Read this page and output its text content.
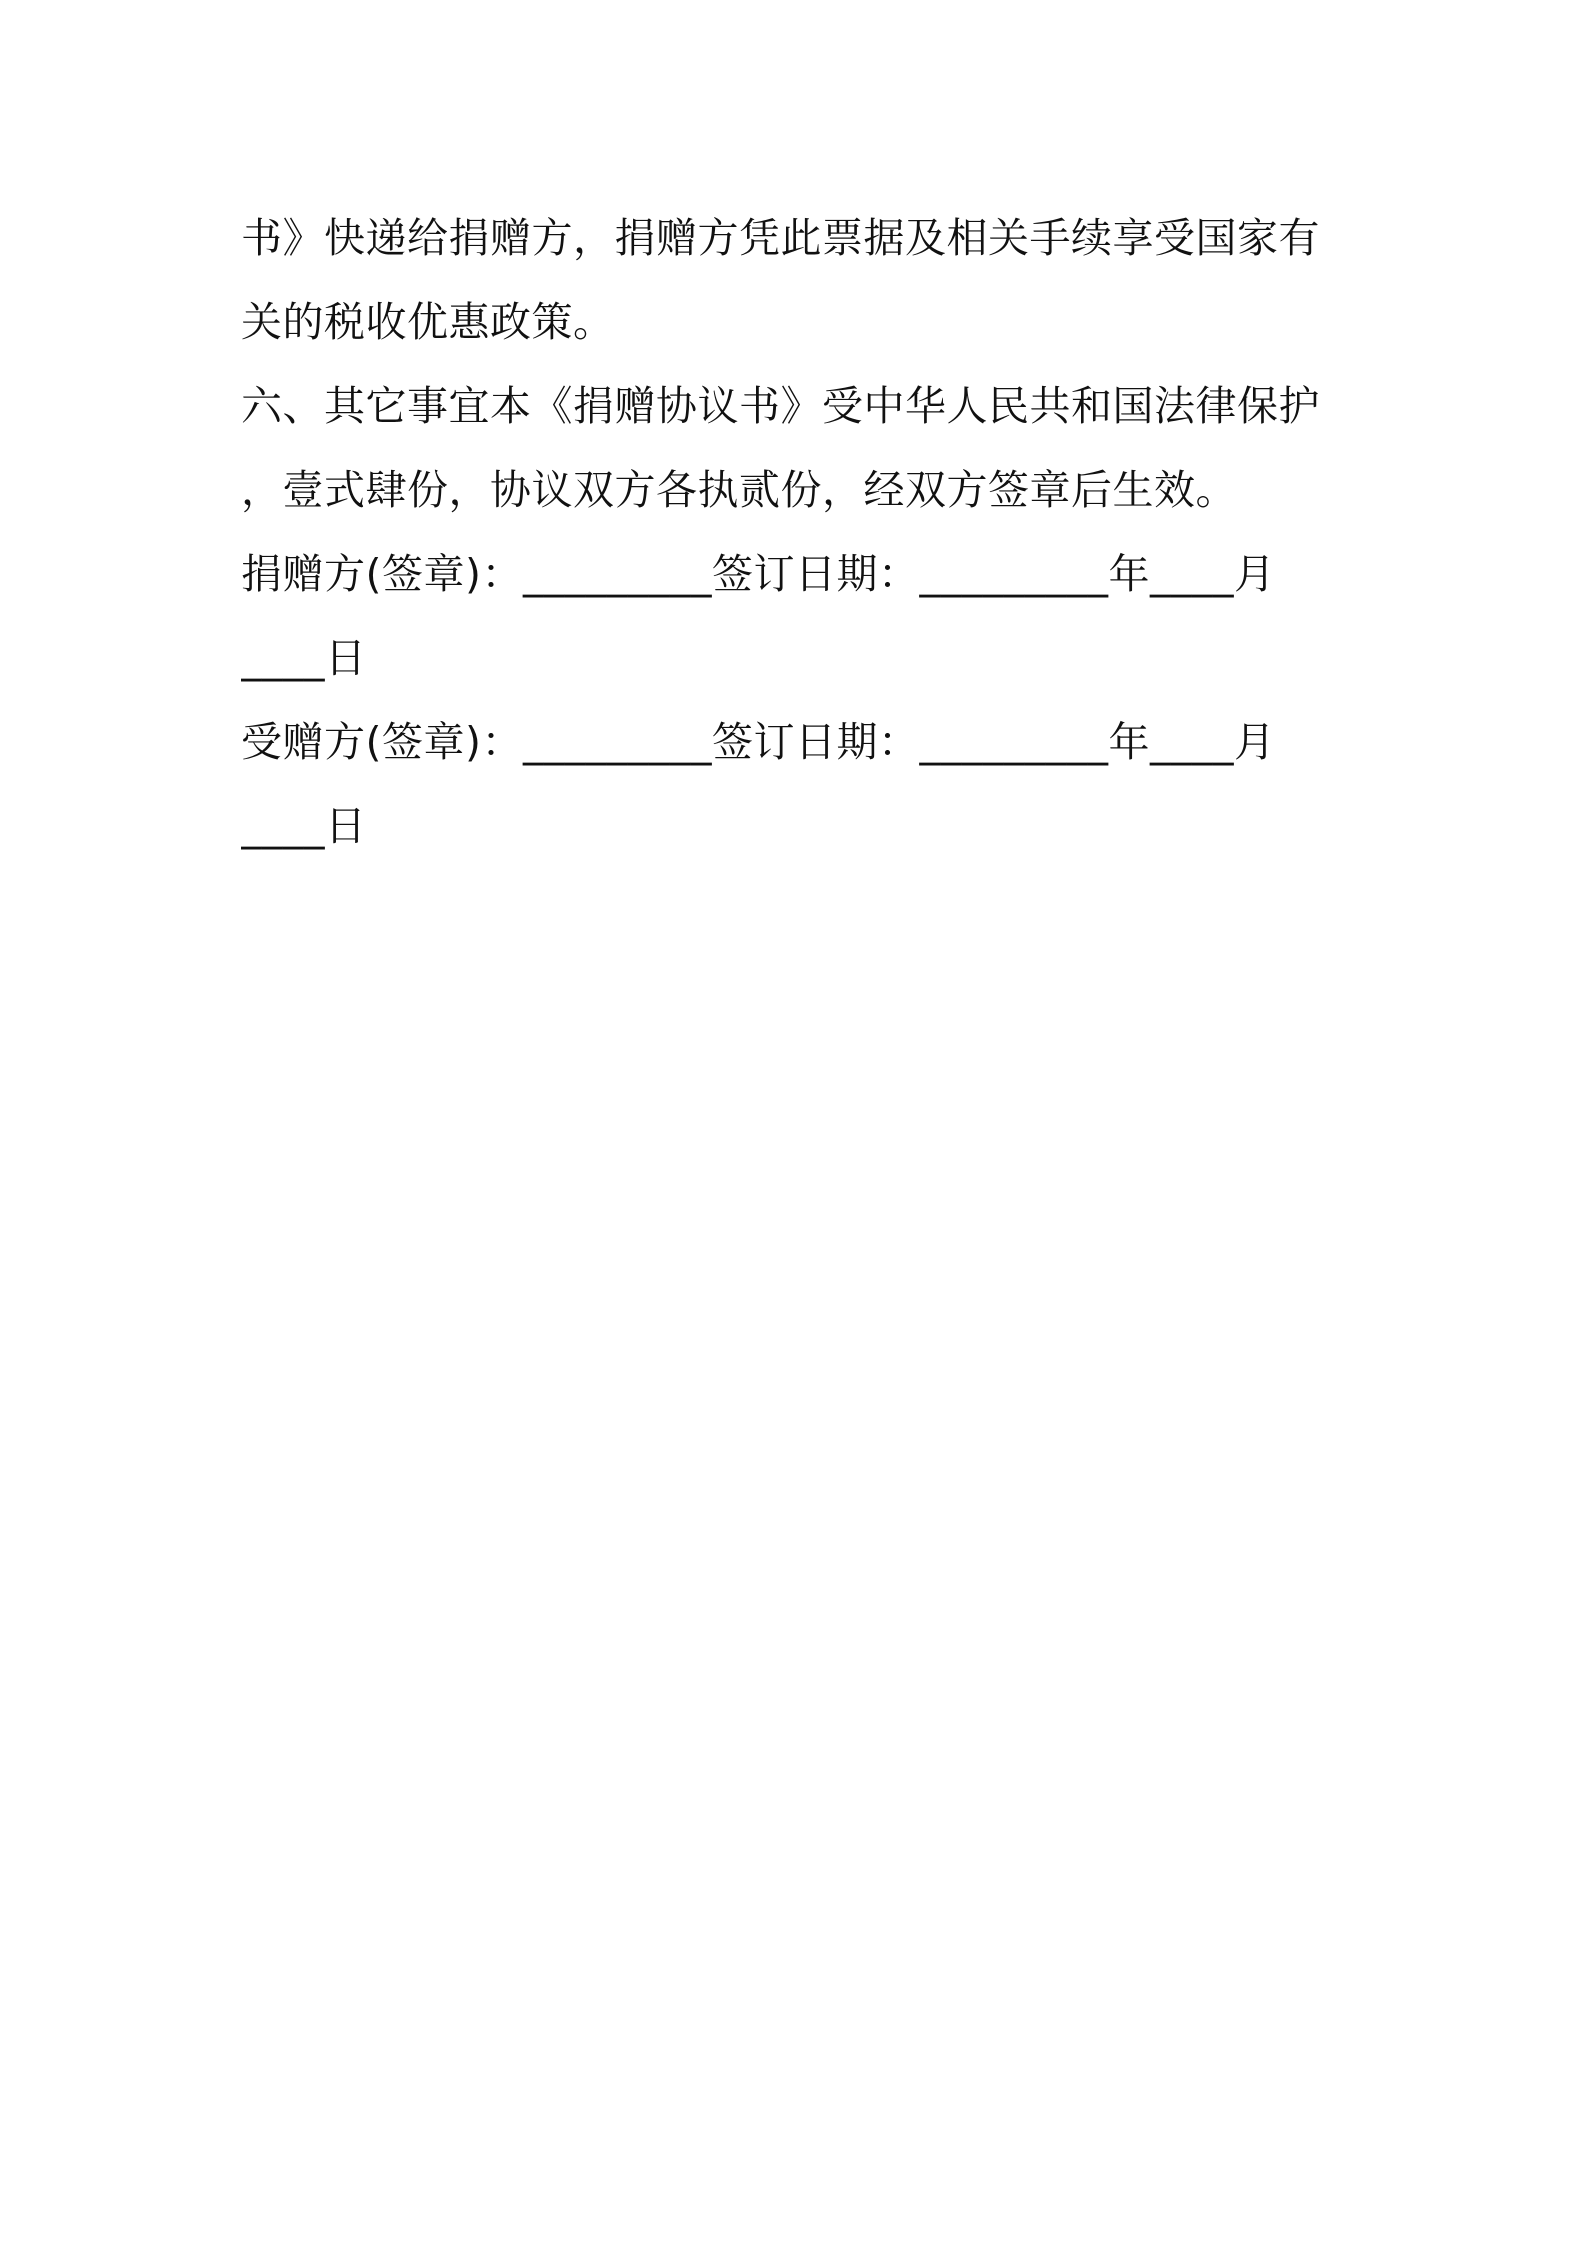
书》快递给捐赠方，捐赠方凭此票据及相关手续享受国家有
关的税收优惠政策。
六、其它事宜本《捐赠协议书》受中华人民共和国法律保护
，壹式肆份，协议双方各执贰份，经双方签章后生效。
捐赠方(签章)：_________签订日期：_________年____月
____日
受赠方(签章)：_________签订日期：_________年____月
____日
